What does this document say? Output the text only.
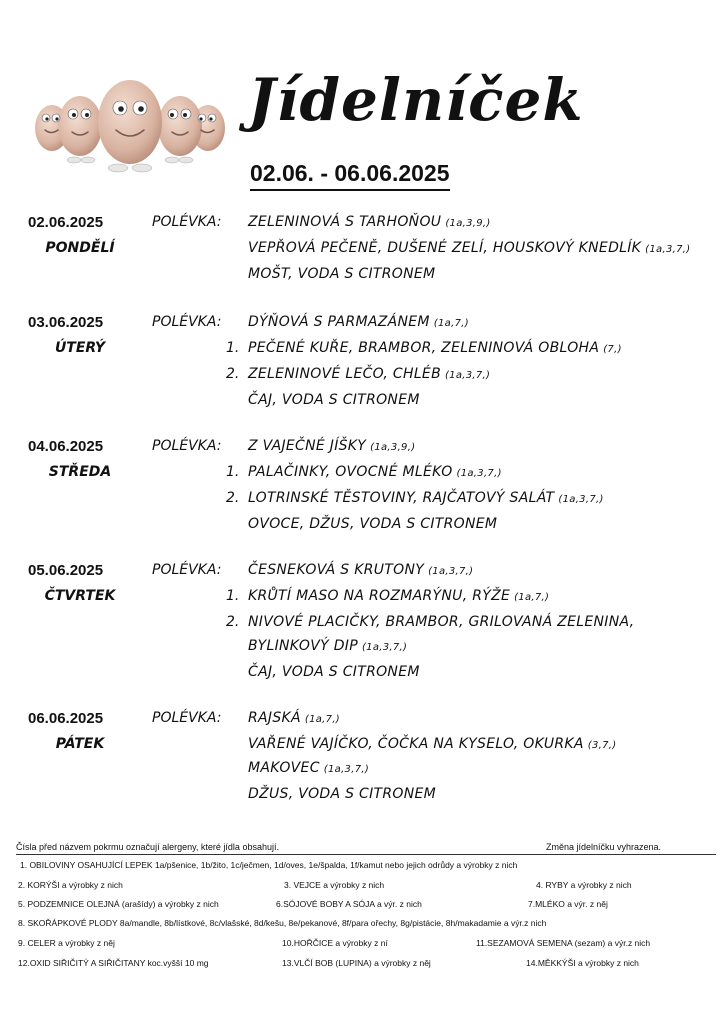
Jídelníček
02.06. - 06.06.2025
02.06.2025
PONDĚLÍ
POLÉVKA: ZELENINOVÁ S TARHOŇOU (1a,3,9,)
VEPŘOVÁ PEČENĚ, DUŠENÉ ZELÍ, HOUSKOVÝ KNEDLÍK (1a,3,7,)
MOŠT, VODA S CITRONEM
03.06.2025
ÚTERÝ
POLÉVKA: DÝŇOVÁ S PARMAZÁNEM (1a,7,)
1. PEČENÉ KUŘE, BRAMBOR, ZELENINOVÁ OBLOHA (7,)
2. ZELENINOVÉ LEČO, CHLÉB (1a,3,7,)
ČAJ, VODA S CITRONEM
04.06.2025
STŘEDA
POLÉVKA: Z VAJEČNÉ JÍŠKY (1a,3,9,)
1. PALAČINKY, OVOCNÉ MLÉKO (1a,3,7,)
2. LOTRINSKÉ TĚSTOVINY, RAJČATOVÝ SALÁT (1a,3,7,)
OVOCE, DŽUS, VODA S CITRONEM
05.06.2025
ČTVRTEK
POLÉVKA: ČESNEKOVÁ S KRUTONY (1a,3,7,)
1. KRŮTÍ MASO NA ROZMARÝNU, RÝŽE (1a,7,)
2. NIVOVÉ PLACIČKY, BRAMBOR, GRILOVANÁ ZELENINA,
BYLINKOVÝ DIP (1a,3,7,)
ČAJ, VODA S CITRONEM
06.06.2025
PÁTEK
POLÉVKA: RAJSKÁ (1a,7,)
VAŘENÉ VAJÍČKO, ČOČKA NA KYSELO, OKURKA (3,7,)
MAKOVEC (1a,3,7,)
DŽUS, VODA S CITRONEM
Čísla před názvem pokrmu označují alergeny, které jídla obsahují.	Změna jídelníčku vyhrazena.
1. OBILOVINY OSAHUJÍCÍ LEPEK 1a/pšenice, 1b/žito, 1c/ječmen, 1d/oves, 1e/špalda, 1f/kamut nebo jejich odrůdy a výrobky z nich
2. KORÝŠI a výrobky z nich	3. VEJCE a výrobky z nich	4. RYBY a výrobky z nich
5. PODZEMNICE OLEJNÁ (arašídy) a výrobky z nich	6.SÓJOVÉ BOBY A SÓJA a výr. z nich	7.MLÉKO a výr. z něj
8. SKOŘÁPKOVÉ PLODY 8a/mandle, 8b/lístkové, 8c/vlašské, 8d/kešu, 8e/pekanové, 8f/para ořechy, 8g/pistácie, 8h/makadamie a výr.z nich
9. CELER a výrobky z něj	10.HOŘČICE a výrobky z ní	11.SEZAMOVÁ SEMENA (sezam) a výr.z nich
12.OXID SIŘIČITÝ A SIŘIČITANY koc.vyšší 10 mg	13.VLČÍ BOB (LUPINA) a výrobky z něj	14.MĚKKÝŠI a výrobky z nich
